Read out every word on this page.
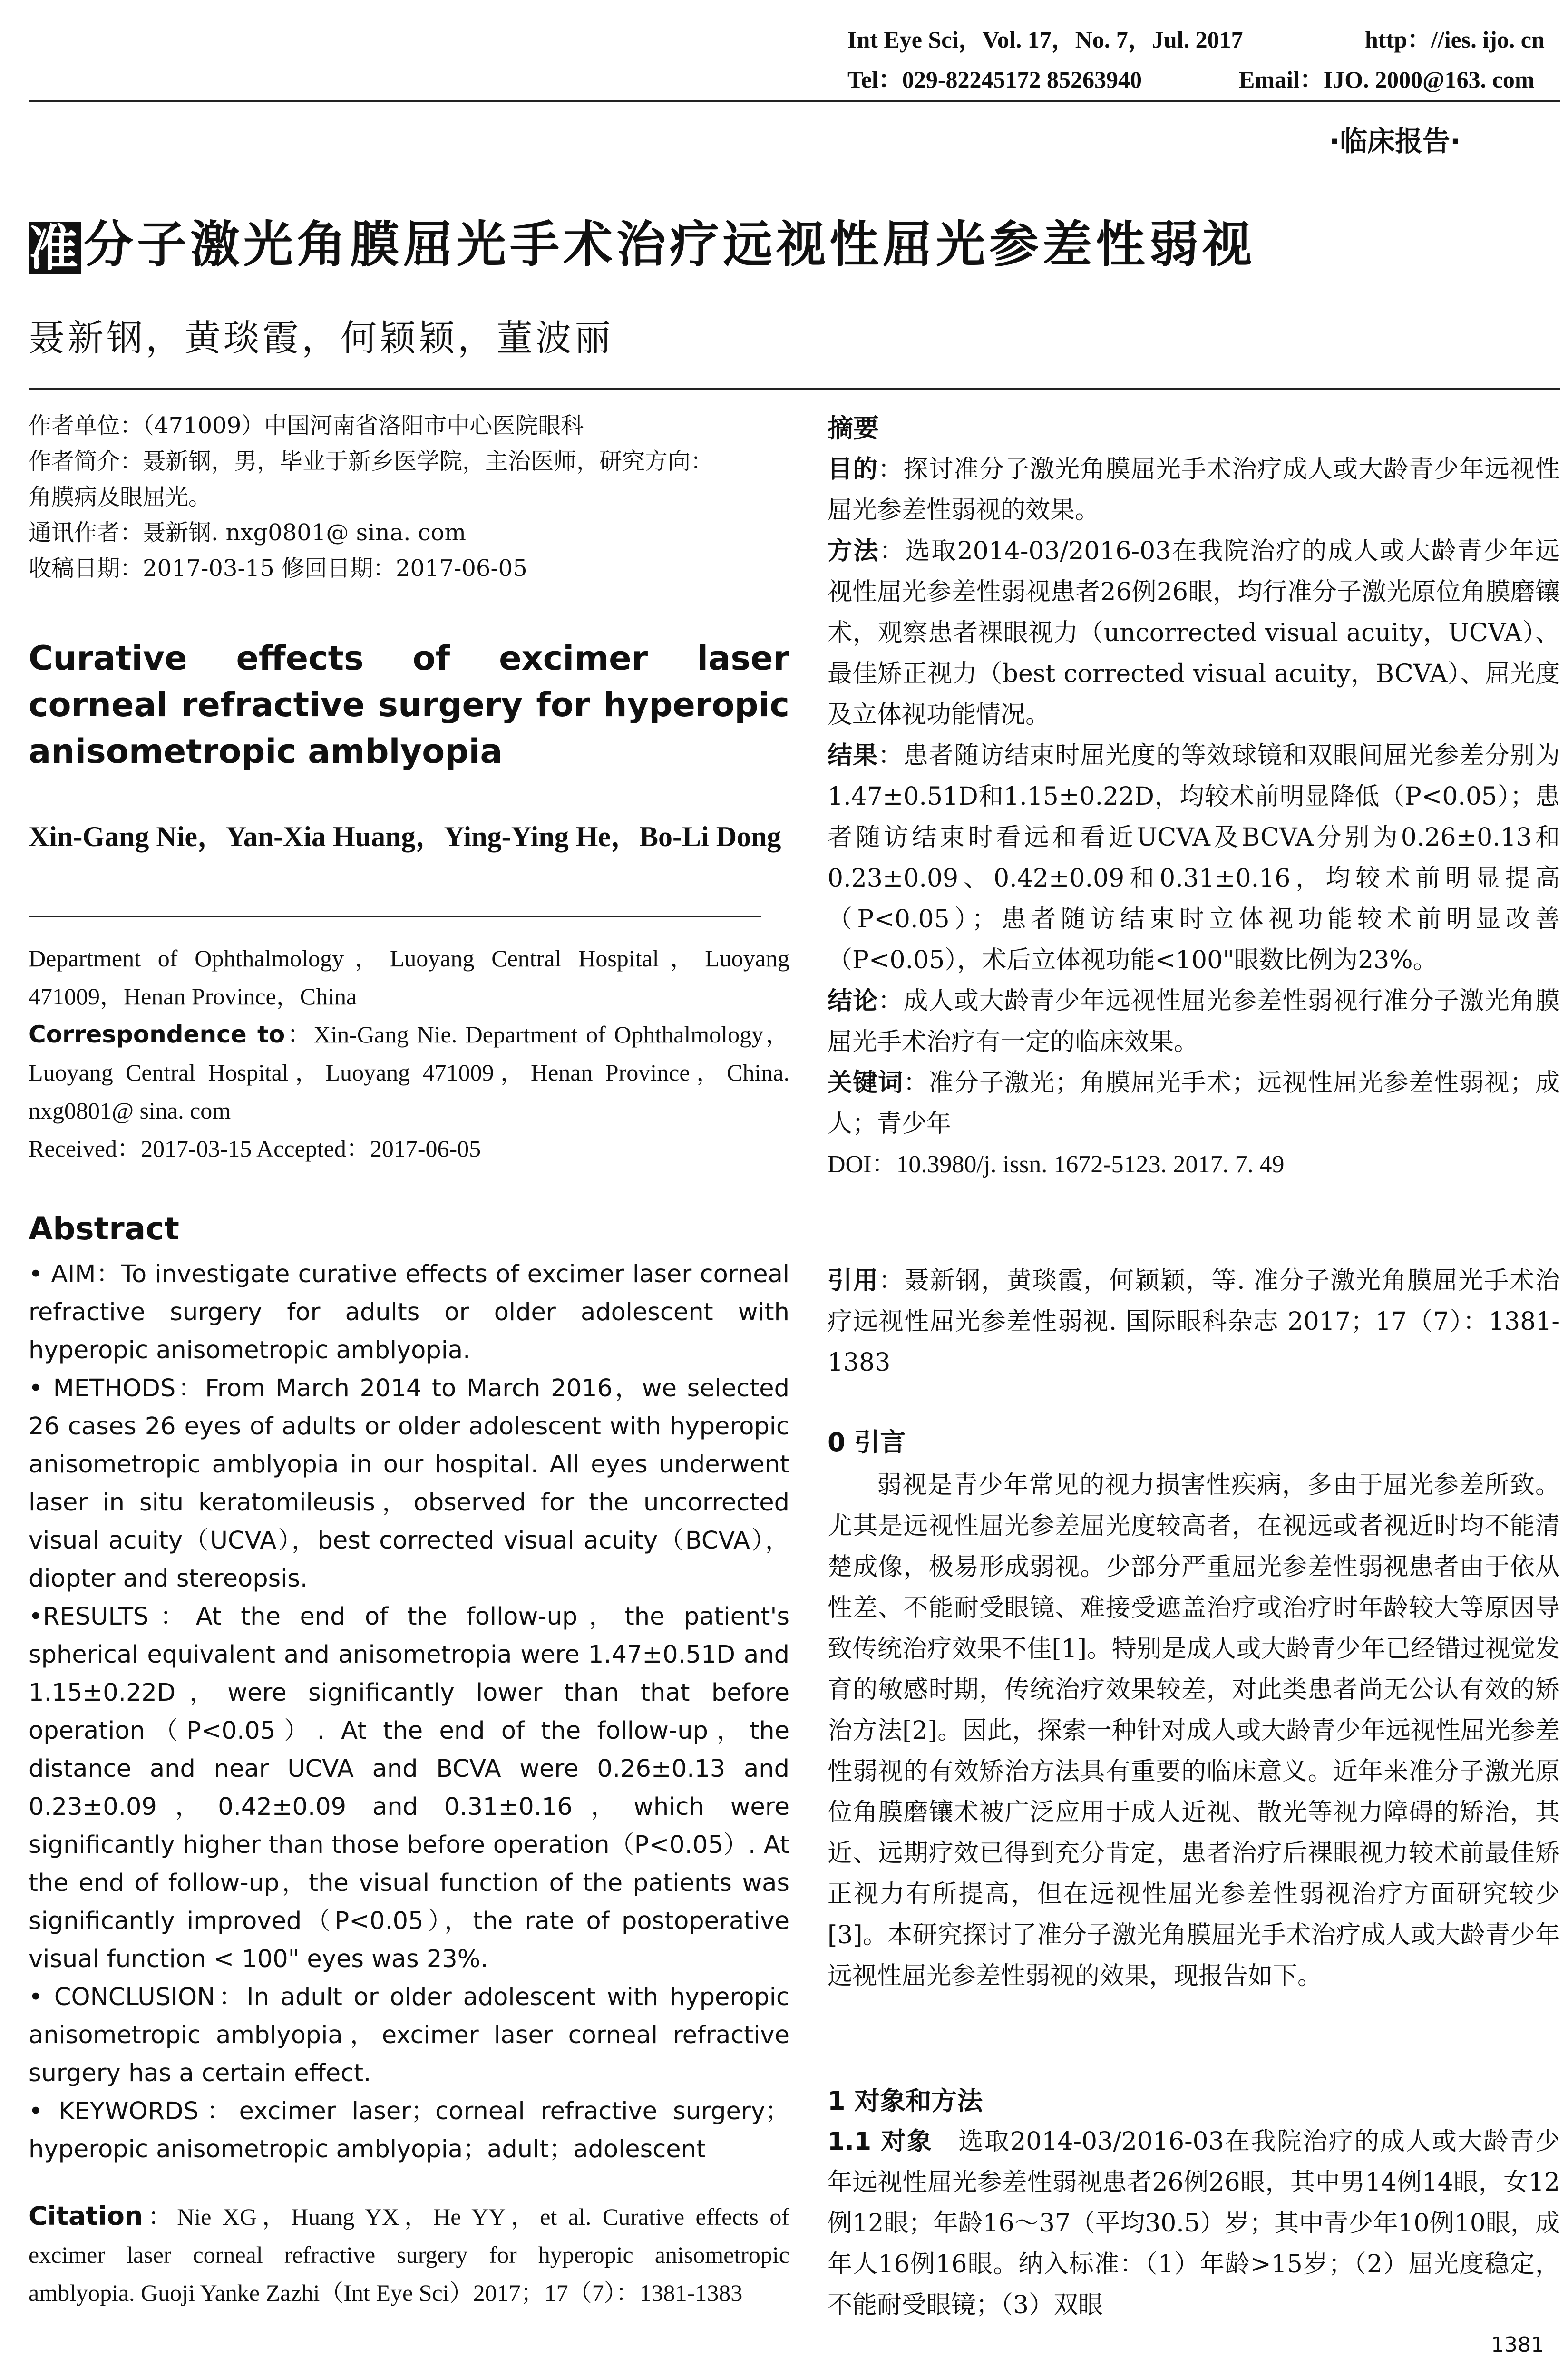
Int Eye Sci，Vol. 17，No. 7，Jul. 2017	http：//ies. ijo. cn
Tel：029-82245172 85263940	Email：IJO. 2000@163. com
·临床报告·
准分子激光角膜屈光手术治疗远视性屈光参差性弱视
聂新钢，黄琰霞，何颖颖，董波丽
作者单位：（471009）中国河南省洛阳市中心医院眼科
作者简介：聂新钢，男，毕业于新乡医学院，主治医师，研究方向：
角膜病及眼屈光。
通讯作者：聂新钢. nxg0801@ sina. com
收稿日期：2017-03-15 修回日期：2017-06-05
Curative effects of excimer laser corneal refractive surgery for hyperopic anisometropic amblyopia
Xin-Gang Nie，Yan-Xia Huang，Ying-Ying He，Bo-Li Dong
Department of Ophthalmology，Luoyang Central Hospital，Luoyang 471009，Henan Province，China
Correspondence to：Xin-Gang Nie. Department of Ophthalmology，Luoyang Central Hospital，Luoyang 471009，Henan Province，China. nxg0801@ sina. com
Received：2017-03-15 Accepted：2017-06-05
Abstract

• AIM：To investigate curative effects of excimer laser corneal refractive surgery for adults or older adolescent with hyperopic anisometropic amblyopia.

• METHODS：From March 2014 to March 2016，we selected 26 cases 26 eyes of adults or older adolescent with hyperopic anisometropic amblyopia in our hospital. All eyes underwent laser in situ keratomileusis，observed for the uncorrected visual acuity（UCVA），best corrected visual acuity（BCVA），diopter and stereopsis.

•RESULTS：At the end of the follow-up，the patient's spherical equivalent and anisometropia were 1.47±0.51D and 1.15±0.22D，were significantly lower than that before operation（P<0.05）. At the end of the follow-up，the distance and near UCVA and BCVA were 0.26±0.13 and 0.23±0.09，0.42±0.09 and 0.31±0.16，which were significantly higher than those before operation（P<0.05）. At the end of follow-up，the visual function of the patients was significantly improved（P<0.05），the rate of postoperative visual function < 100" eyes was 23%.

• CONCLUSION：In adult or older adolescent with hyperopic anisometropic amblyopia，excimer laser corneal refractive surgery has a certain effect.

• KEYWORDS：excimer laser；corneal refractive surgery；hyperopic anisometropic amblyopia；adult；adolescent

Citation：Nie XG，Huang YX，He YY，et al. Curative effects of excimer laser corneal refractive surgery for hyperopic anisometropic amblyopia. Guoji Yanke Zazhi（Int Eye Sci）2017；17（7）：1381-1383

摘要

目的：探讨准分子激光角膜屈光手术治疗成人或大龄青少年远视性屈光参差性弱视的效果。

方法：选取2014-03/2016-03在我院治疗的成人或大龄青少年远视性屈光参差性弱视患者26例26眼，均行准分子激光原位角膜磨镶术，观察患者裸眼视力（uncorrected visual acuity，UCVA）、最佳矫正视力（best corrected visual acuity，BCVA）、屈光度及立体视功能情况。

结果：患者随访结束时屈光度的等效球镜和双眼间屈光参差分别为1.47±0.51D和1.15±0.22D，均较术前明显降低（P<0.05）；患者随访结束时看远和看近UCVA及BCVA分别为0.26±0.13和0.23±0.09、0.42±0.09和0.31±0.16，均较术前明显提高（P<0.05）；患者随访结束时立体视功能较术前明显改善（P<0.05），术后立体视功能<100"眼数比例为23%。

结论：成人或大龄青少年远视性屈光参差性弱视行准分子激光角膜屈光手术治疗有一定的临床效果。

关键词：准分子激光；角膜屈光手术；远视性屈光参差性弱视；成人；青少年

DOI：10.3980/j. issn. 1672-5123. 2017. 7. 49

引用：聂新钢，黄琰霞，何颖颖，等. 准分子激光角膜屈光手术治疗远视性屈光参差性弱视. 国际眼科杂志 2017；17（7）：1381-1383

0 引言

弱视是青少年常见的视力损害性疾病，多由于屈光参差所致。尤其是远视性屈光参差屈光度较高者，在视远或者视近时均不能清楚成像，极易形成弱视。少部分严重屈光参差性弱视患者由于依从性差、不能耐受眼镜、难接受遮盖治疗或治疗时年龄较大等原因导致传统治疗效果不佳[1]。特别是成人或大龄青少年已经错过视觉发育的敏感时期，传统治疗效果较差，对此类患者尚无公认有效的矫治方法[2]。因此，探索一种针对成人或大龄青少年远视性屈光参差性弱视的有效矫治方法具有重要的临床意义。近年来准分子激光原位角膜磨镶术被广泛应用于成人近视、散光等视力障碍的矫治，其近、远期疗效已得到充分肯定，患者治疗后裸眼视力较术前最佳矫正视力有所提高，但在远视性屈光参差性弱视治疗方面研究较少[3]。本研究探讨了准分子激光角膜屈光手术治疗成人或大龄青少年远视性屈光参差性弱视的效果，现报告如下。

1 对象和方法

1.1 对象　 选取2014-03/2016-03在我院治疗的成人或大龄青少年远视性屈光参差性弱视患者26例26眼，其中男14例14眼，女12例12眼；年龄16～37（平均30.5）岁；其中青少年10例10眼，成年人16例16眼。纳入标准：（1）年龄>15岁；（2）屈光度稳定，不能耐受眼镜；（3）双眼

1381
